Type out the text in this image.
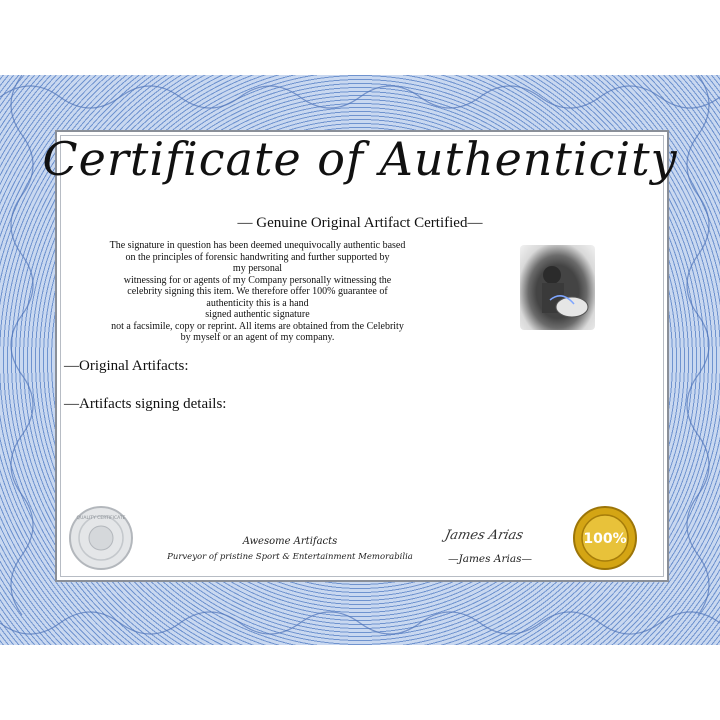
Certificate of Authenticity
— Genuine Original Artifact Certified—
The signature in question has been deemed unequivocally authentic based
on the principles of forensic handwriting and further supported by
my personal
witnessing for or agents of my Company personally witnessing the
celebrity signing this item. We therefore offer 100% guarantee of
authenticity this is a hand
signed authentic signature
not a facsimile, copy or reprint. All items are obtained from the Celebrity
by myself or an agent of my company.
—Original Artifacts:
—Artifacts signing details:
QUALITY CERTIFICATE
Awesome Artifacts
Purveyor of pristine Sport & Entertainment Memorabilia
James Arias
—James Arias—
100%
